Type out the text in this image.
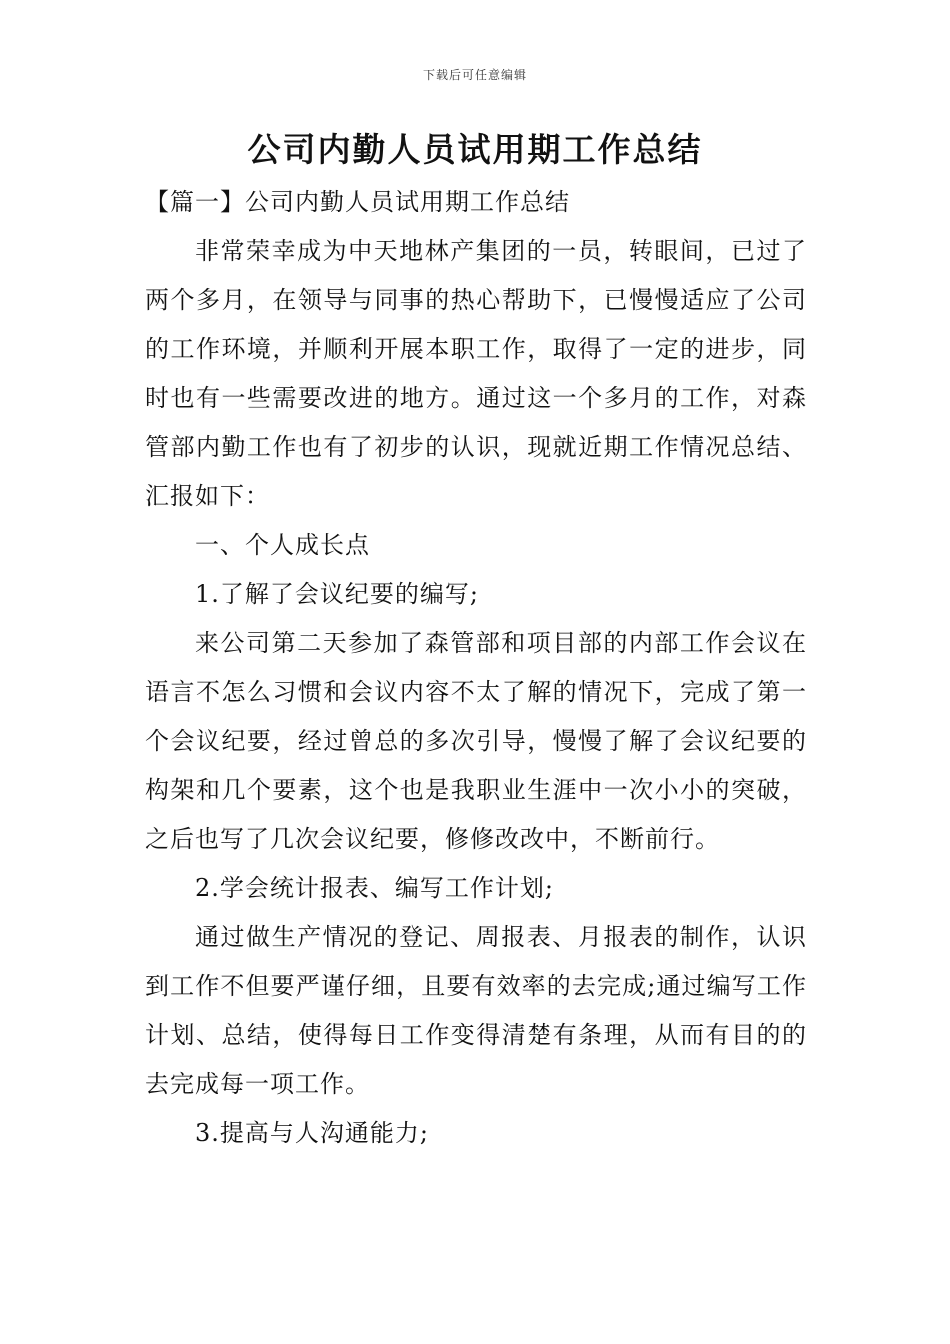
下载后可任意编辑
公司内勤人员试用期工作总结

【篇一】公司内勤人员试用期工作总结

非常荣幸成为中天地林产集团的一员，转眼间，已过了两个多月，在领导与同事的热心帮助下，已慢慢适应了公司的工作环境，并顺利开展本职工作，取得了一定的进步，同时也有一些需要改进的地方。通过这一个多月的工作，对森管部内勤工作也有了初步的认识，现就近期工作情况总结、汇报如下：

一、个人成长点

1.了解了会议纪要的编写;

来公司第二天参加了森管部和项目部的内部工作会议在语言不怎么习惯和会议内容不太了解的情况下，完成了第一个会议纪要，经过曾总的多次引导，慢慢了解了会议纪要的构架和几个要素，这个也是我职业生涯中一次小小的突破，之后也写了几次会议纪要，修修改改中，不断前行。

2.学会统计报表、编写工作计划;

通过做生产情况的登记、周报表、月报表的制作，认识到工作不但要严谨仔细，且要有效率的去完成;通过编写工作计划、总结，使得每日工作变得清楚有条理，从而有目的的去完成每一项工作。

3.提高与人沟通能力;
